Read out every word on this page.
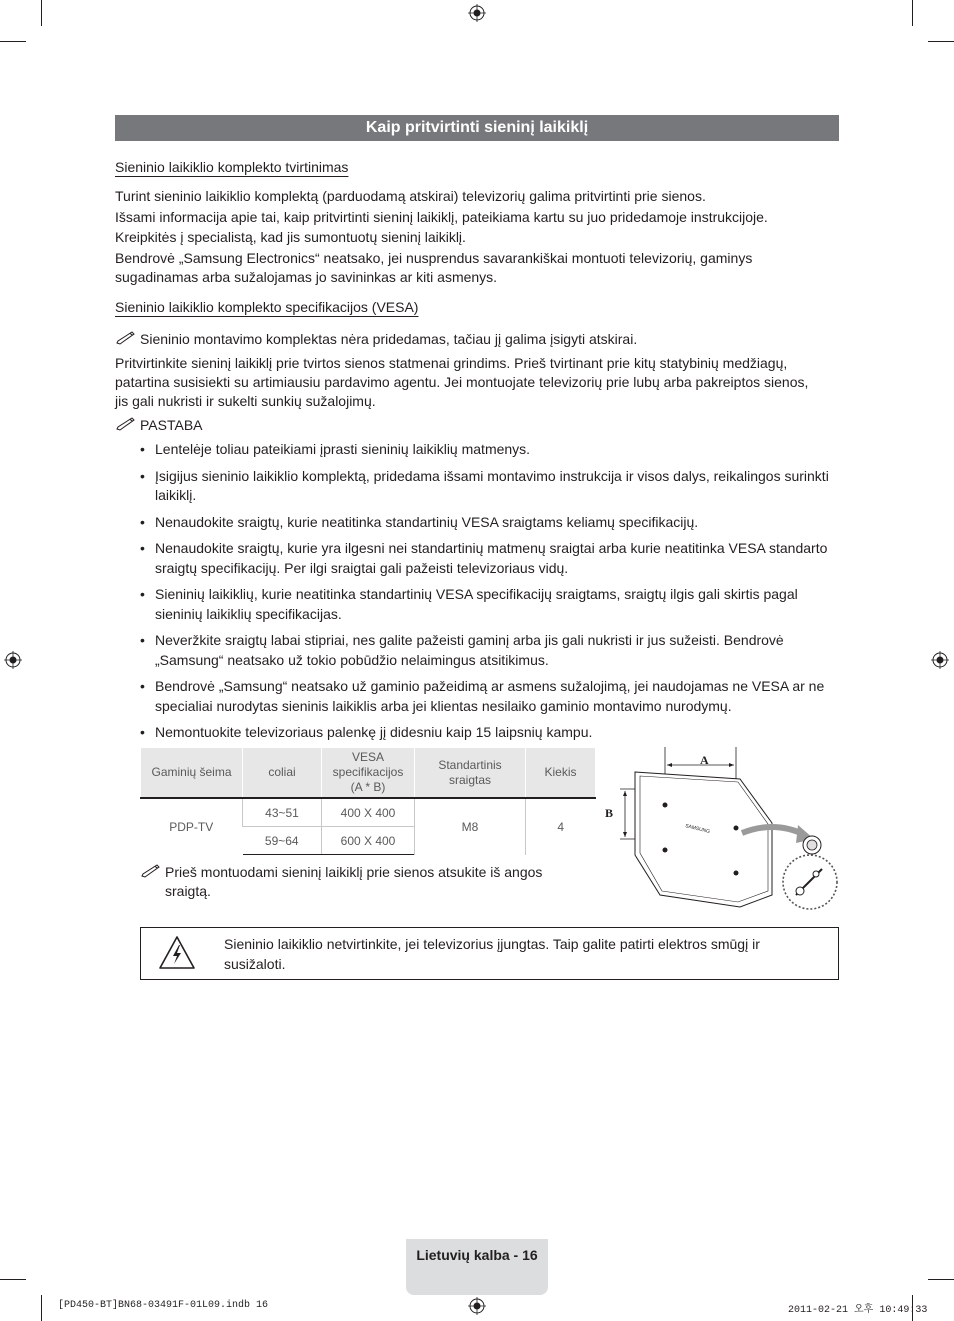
Kaip pritvirtinti sieninį laikiklį
Sieninio laikiklio komplekto tvirtinimas
Turint sieninio laikiklio komplektą (parduodamą atskirai) televizorių galima pritvirtinti prie sienos.
Išsami informacija apie tai, kaip pritvirtinti sieninį laikiklį, pateikiama kartu su juo pridedamoje instrukcijoje.
Kreipkitės į specialistą, kad jis sumontuotų sieninį laikiklį.
Bendrovė „Samsung Electronics“ neatsako, jei nusprendus savarankiškai montuoti televizorių, gaminys
sugadinamas arba sužalojamas jo savininkas ar kiti asmenys.
Sieninio laikiklio komplekto specifikacijos (VESA)
Sieninio montavimo komplektas nėra pridedamas, tačiau jį galima įsigyti atskirai.
Pritvirtinkite sieninį laikiklį prie tvirtos sienos statmenai grindims. Prieš tvirtinant prie kitų statybinių medžiagų,
patartina susisiekti su artimiausiu pardavimo agentu. Jei montuojate televizorių prie lubų arba pakreiptos sienos,
jis gali nukristi ir sukelti sunkių sužalojimų.
PASTABA
• Lentelėje toliau pateikiami įprasti sieninių laikiklių matmenys.
• Įsigijus sieninio laikiklio komplektą, pridedama išsami montavimo instrukcija ir visos dalys, reikalingos surinkti laikiklį.
• Nenaudokite sraigtų, kurie neatitinka standartinių VESA sraigtams keliamų specifikacijų.
• Nenaudokite sraigtų, kurie yra ilgesni nei standartinių matmenų sraigtai arba kurie neatitinka VESA standarto sraigtų specifikacijų. Per ilgi sraigtai gali pažeisti televizoriaus vidų.
• Sieninių laikiklių, kurie neatitinka standartinių VESA specifikacijų sraigtams, sraigtų ilgis gali skirtis pagal sieninių laikiklių specifikacijas.
• Neveržkite sraigtų labai stipriai, nes galite pažeisti gaminį arba jis gali nukristi ir jus sužeisti. Bendrovė „Samsung“ neatsako už tokio pobūdžio nelaimingus atsitikimus.
• Bendrovė „Samsung“ neatsako už gaminio pažeidimą ar asmens sužalojimą, jei naudojamas ne VESA ar ne specialiai nurodytas sieninis laikiklis arba jei klientas nesilaiko gaminio montavimo nurodymų.
• Nemontuokite televizoriaus palenkę jį didesniu kaip 15 laipsnių kampu.
Gaminių šeima	coliai	VESA specifikacijos (A * B)	Standartinis sraigtas	Kiekis
PDP-TV	43~51	400 X 400	M8	4
	59~64	600 X 400		
A
B
SAMSUNG
Prieš montuodami sieninį laikiklį prie sienos atsukite iš angos
sraigtą.
Sieninio laikiklio netvirtinkite, jei televizorius įjungtas. Taip galite patirti elektros smūgį ir
susižaloti.
Lietuvių kalba - 16
[PD450-BT]BN68-03491F-01L09.indb 16	2011-02-21 오후 10:49:33
